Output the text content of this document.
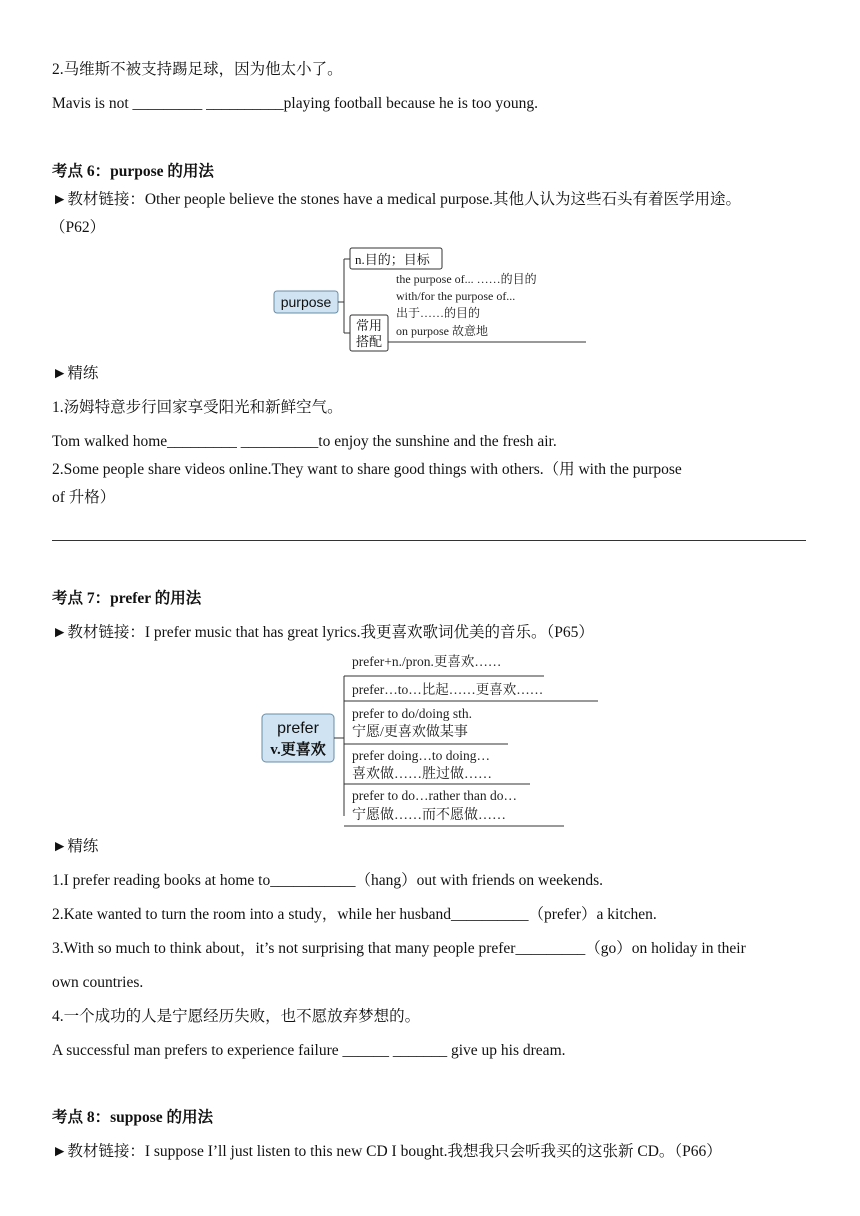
2.马维斯不被支持踢足球，因为他太小了。
Mavis is not _________ __________playing football because he is too young.
考点 6：purpose 的用法
►教材链接：Other people believe the stones have a medical purpose.其他人认为这些石头有着医学用途。
（P62）
purpose
n.目的；目标
常用
搭配
the purpose of... ……的目的
with/for the purpose of...
出于……的目的
on purpose 故意地
►精练
1.汤姆特意步行回家享受阳光和新鲜空气。
Tom walked home_________ __________to enjoy the sunshine and the fresh air.
2.Some people share videos online.They want to share good things with others.（用 with the purpose
of 升格）
考点 7：prefer 的用法
►教材链接：I prefer music that has great lyrics.我更喜欢歌词优美的音乐。（P65）
prefer
v.更喜欢
prefer+n./pron.更喜欢……
prefer…to…比起……更喜欢……
prefer to do/doing sth.
宁愿/更喜欢做某事
prefer doing…to doing…
喜欢做……胜过做……
prefer to do…rather than do…
宁愿做……而不愿做……
►精练
1.I prefer reading books at home to___________（hang）out with friends on weekends.
2.Kate wanted to turn the room into a study，while her husband__________（prefer）a kitchen.
3.With so much to think about，it’s not surprising that many people prefer_________（go）on holiday in their
own countries.
4.一个成功的人是宁愿经历失败，也不愿放弃梦想的。
A successful man prefers to experience failure ______ _______ give up his dream.
考点 8：suppose 的用法
►教材链接：I suppose I’ll just listen to this new CD I bought.我想我只会听我买的这张新 CD。（P66）
